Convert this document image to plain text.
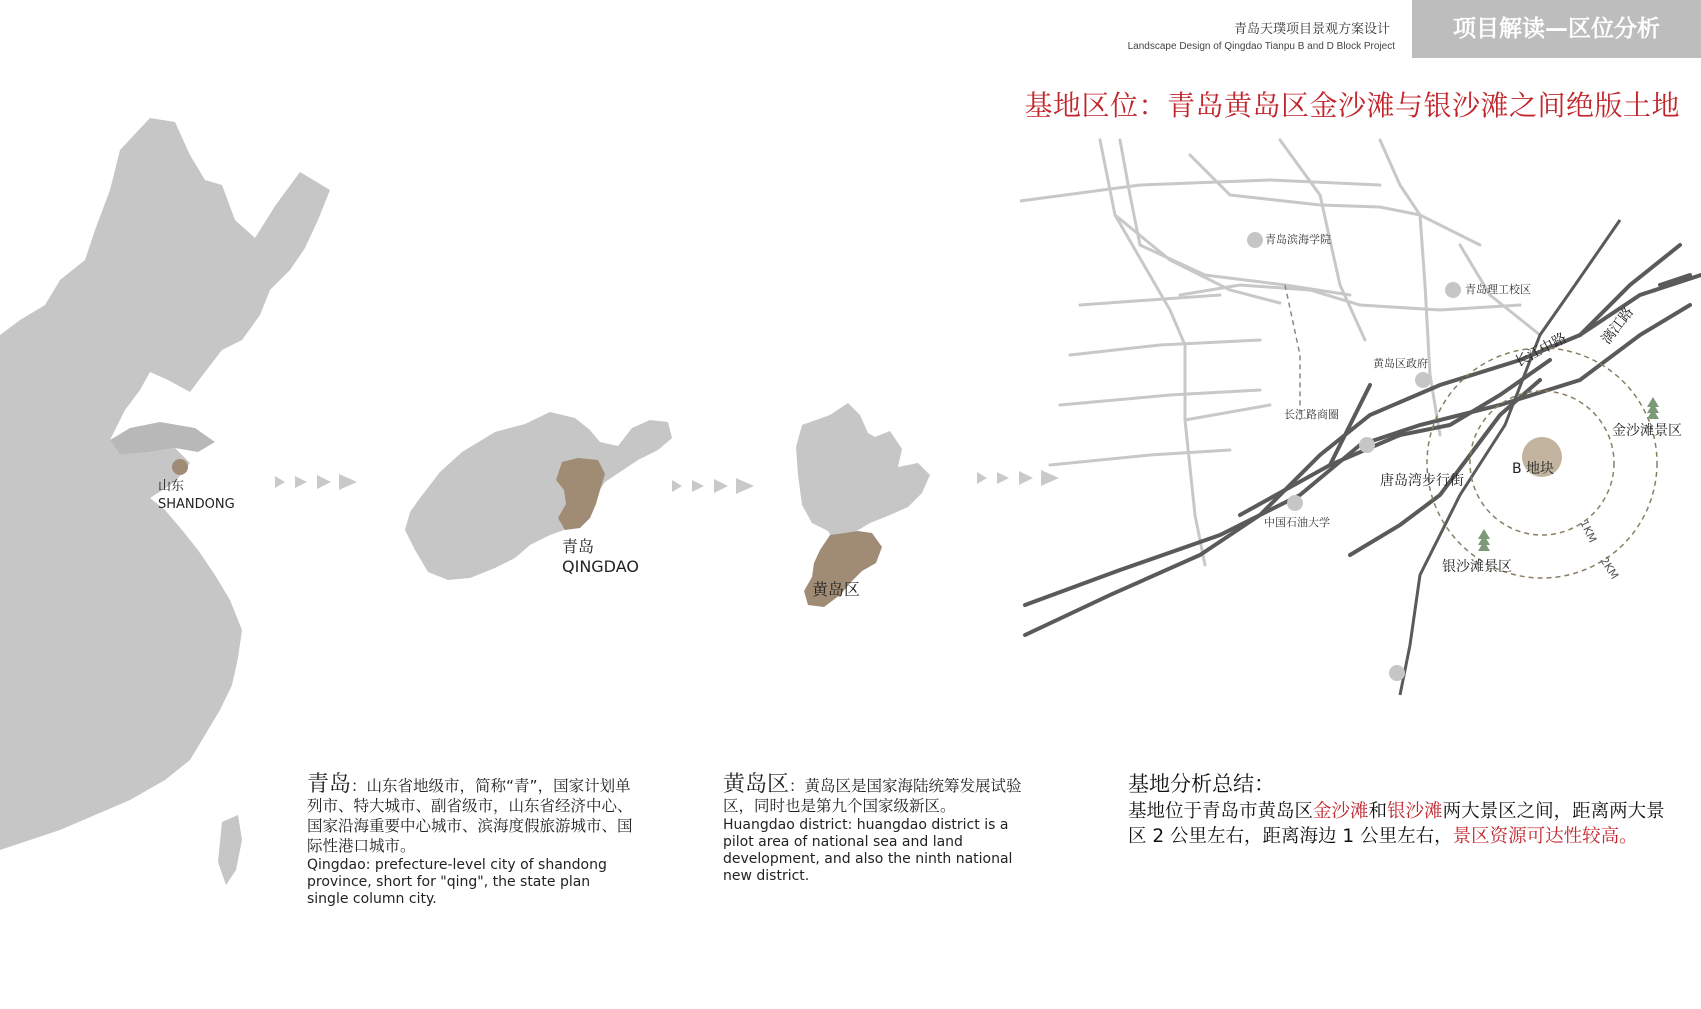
青岛天璞项目景观方案设计
Landscape Design of Qingdao Tianpu B and D Block Project
项目解读—区位分析
基地区位：青岛黄岛区金沙滩与银沙滩之间绝版土地
山东
SHANDONG
青岛
QINGDAO
黄岛区
青岛滨海学院
青岛理工校区
黄岛区政府
长江路商圈
中国石油大学
长江中路
漓江路
唐岛湾步行街
金沙滩景区
银沙滩景区
B 地块
1KM
2KM
青岛：山东省地级市，简称“青”，国家计划单列市、特大城市、副省级市，山东省经济中心、国家沿海重要中心城市、滨海度假旅游城市、国际性港口城市。
Qingdao: prefecture-level city of shandong province, short for "qing", the state plan single column city.
黄岛区：黄岛区是国家海陆统筹发展试验区，同时也是第九个国家级新区。
Huangdao district: huangdao district is a pilot area of national sea and land development, and also the ninth national new district.
基地分析总结：
基地位于青岛市黄岛区金沙滩和银沙滩两大景区之间，距离两大景区 2 公里左右，距离海边 1 公里左右，景区资源可达性较高。
